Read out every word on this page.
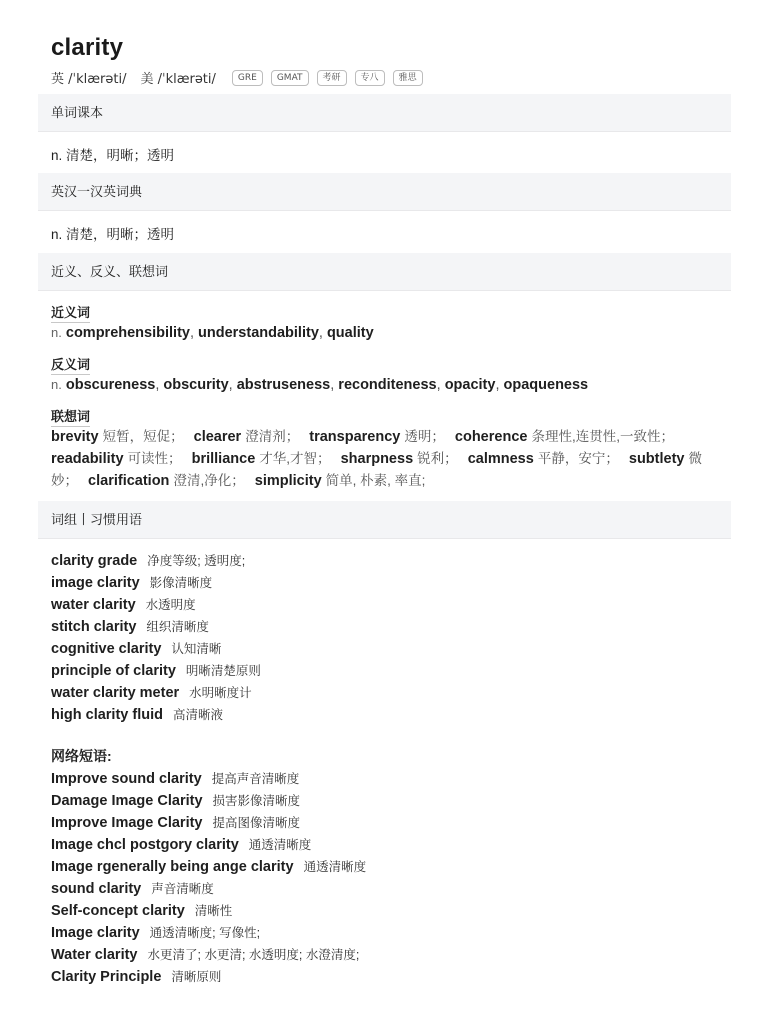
clarity
英 /ˈklærəti/ 美 /ˈklærəti/	GRE	GMAT	考研	专八	雅思
单词课本
n. 清楚，明晰；透明
英汉一汉英词典
n. 清楚，明晰；透明
近义、反义、联想词
近义词
n. comprehensibility, understandability, quality
反义词
n. obscureness, obscurity, abstruseness, reconditeness, opacity, opaqueness
联想词
brevity 短暂，短促； clearer 澄清剂； transparency 透明； coherence 条理性,连贯性,一致性； readability 可读性； brilliance 才华,才智； sharpness 锐利； calmness 平静，安宁； subtlety 微妙； clarification 澄清,净化； simplicity 简单, 朴素, 率直;
词组丨习惯用语
clarity grade 净度等级; 透明度;
image clarity 影像清晰度
water clarity 水透明度
stitch clarity 组织清晰度
cognitive clarity 认知清晰
principle of clarity 明晰清楚原则
water clarity meter 水明晰度计
high clarity fluid 高清晰液
网络短语:
Improve sound clarity 提高声音清晰度
Damage Image Clarity 损害影像清晰度
Improve Image Clarity 提高图像清晰度
Image chcl postgory clarity 通透清晰度
Image rgenerally being ange clarity 通透清晰度
sound clarity 声音清晰度
Self-concept clarity 清晰性
Image clarity 通透清晰度; 写像性;
Water clarity 水更清了; 水更清; 水透明度; 水澄清度;
Clarity Principle 清晰原则
